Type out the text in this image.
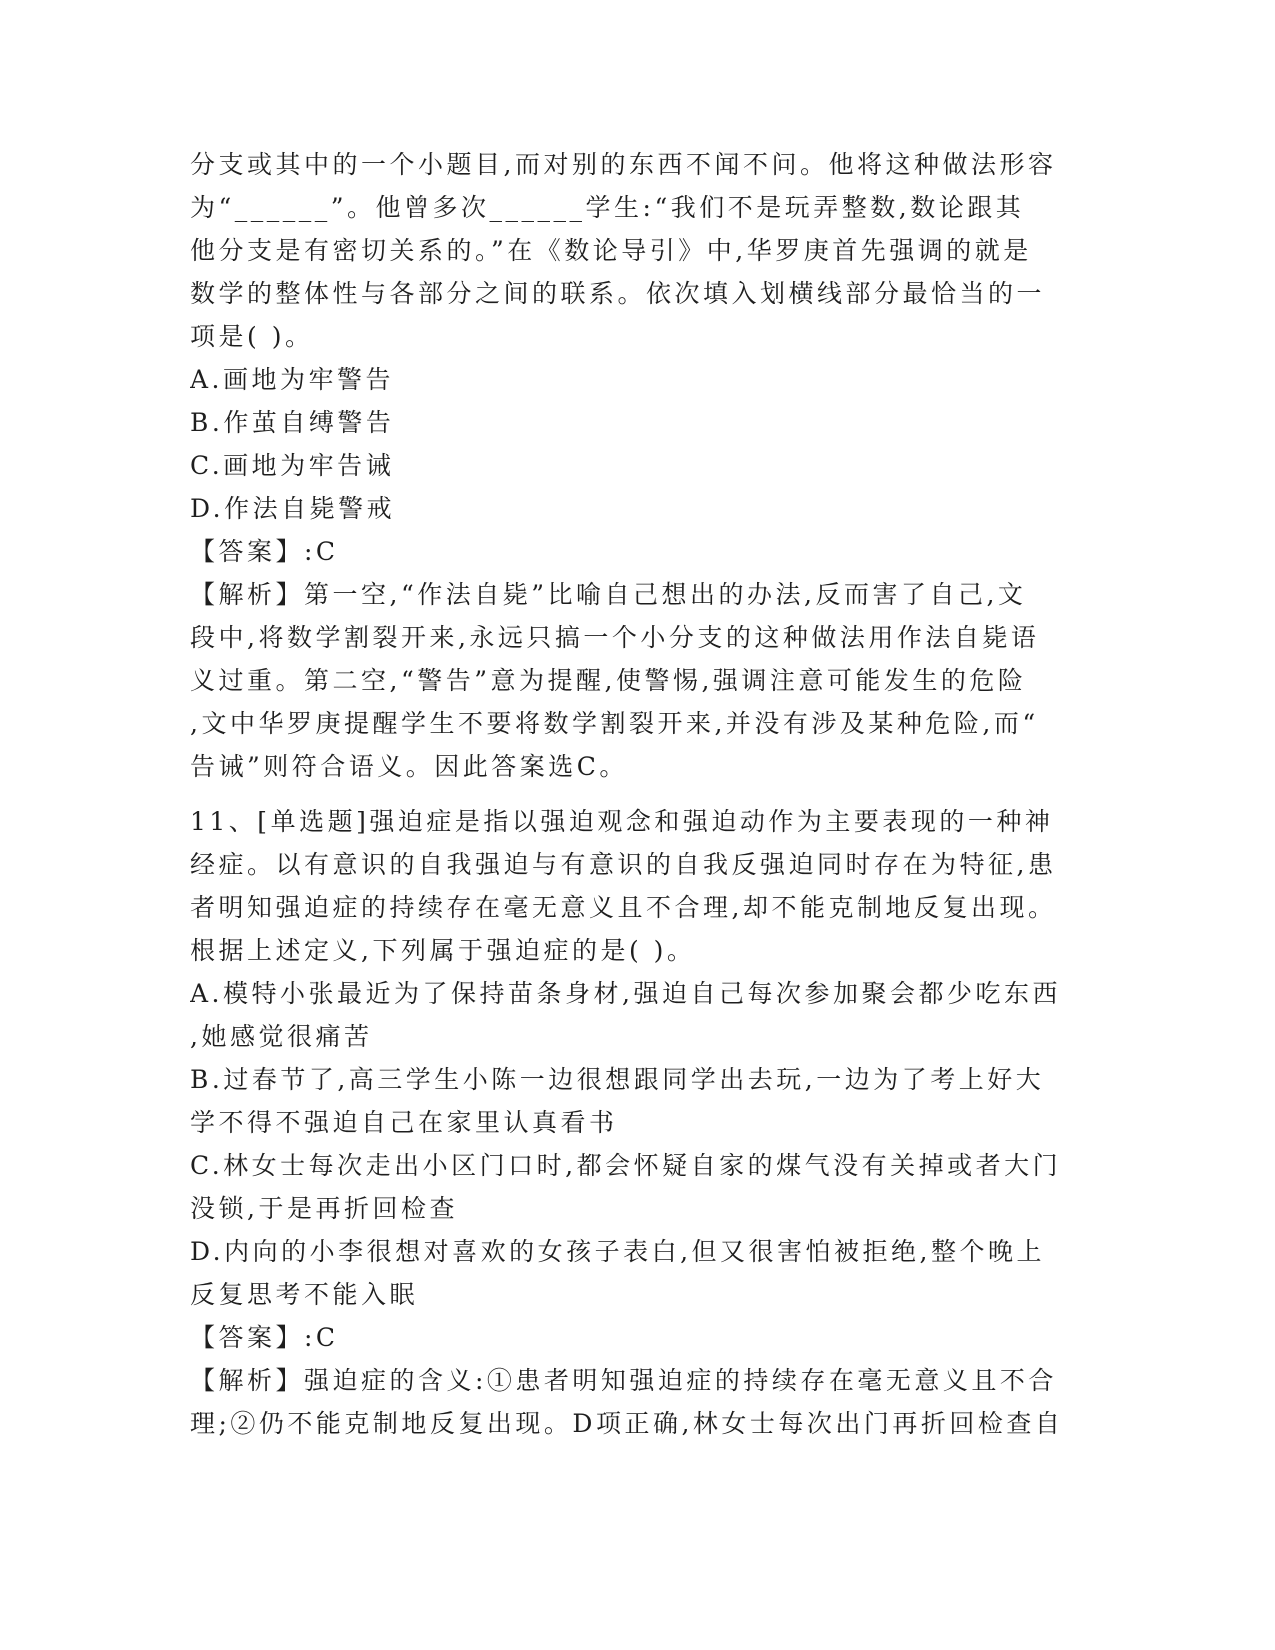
分支或其中的一个小题目,而对别的东西不闻不问。他将这种做法形容
为“______”。他曾多次______学生:“我们不是玩弄整数,数论跟其
他分支是有密切关系的。”在《数论导引》中,华罗庚首先强调的就是
数学的整体性与各部分之间的联系。依次填入划横线部分最恰当的一
项是( )。
A.画地为牢警告
B.作茧自缚警告
C.画地为牢告诫
D.作法自毙警戒
【答案】:C
【解析】第一空,“作法自毙”比喻自己想出的办法,反而害了自己,文
段中,将数学割裂开来,永远只搞一个小分支的这种做法用作法自毙语
义过重。第二空,“警告”意为提醒,使警惕,强调注意可能发生的危险
,文中华罗庚提醒学生不要将数学割裂开来,并没有涉及某种危险,而“
告诫”则符合语义。因此答案选C。
11、[单选题]强迫症是指以强迫观念和强迫动作为主要表现的一种神
经症。以有意识的自我强迫与有意识的自我反强迫同时存在为特征,患
者明知强迫症的持续存在毫无意义且不合理,却不能克制地反复出现。
根据上述定义,下列属于强迫症的是( )。
A.模特小张最近为了保持苗条身材,强迫自己每次参加聚会都少吃东西
,她感觉很痛苦
B.过春节了,高三学生小陈一边很想跟同学出去玩,一边为了考上好大
学不得不强迫自己在家里认真看书
C.林女士每次走出小区门口时,都会怀疑自家的煤气没有关掉或者大门
没锁,于是再折回检查
D.内向的小李很想对喜欢的女孩子表白,但又很害怕被拒绝,整个晚上
反复思考不能入眠
【答案】:C
【解析】强迫症的含义:①患者明知强迫症的持续存在毫无意义且不合
理;②仍不能克制地反复出现。D项正确,林女士每次出门再折回检查自
